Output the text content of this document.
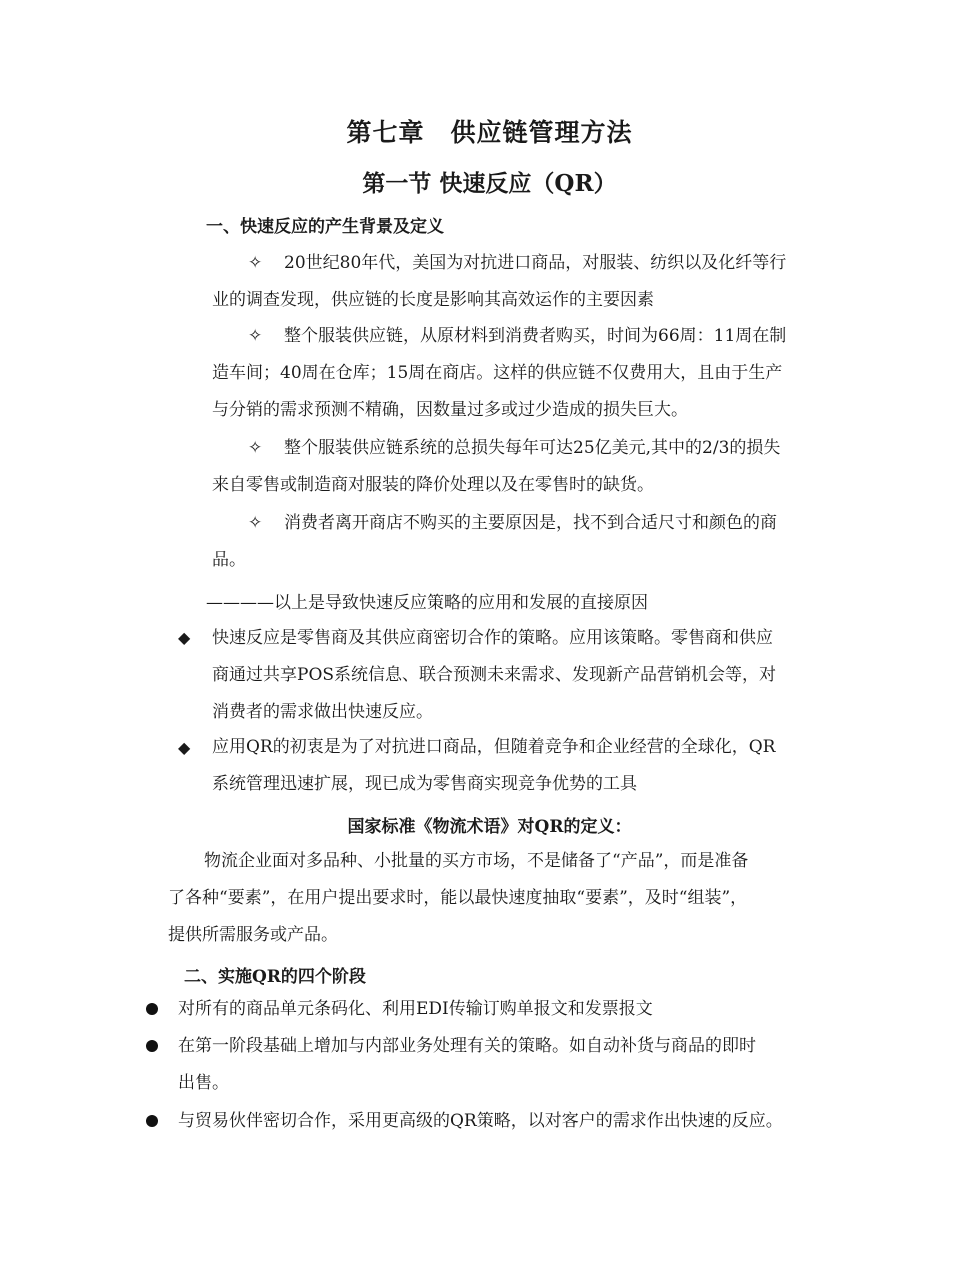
第七章　供应链管理方法
第一节 快速反应（QR）
一、快速反应的产生背景及定义
✧ 20世纪80年代，美国为对抗进口商品，对服装、纺织以及化纤等行
业的调查发现，供应链的长度是影响其高效运作的主要因素
✧ 整个服装供应链，从原材料到消费者购买，时间为66周：11周在制
造车间；40周在仓库；15周在商店。这样的供应链不仅费用大，且由于生产
与分销的需求预测不精确，因数量过多或过少造成的损失巨大。
✧ 整个服装供应链系统的总损失每年可达25亿美元,其中的2/3的损失
来自零售或制造商对服装的降价处理以及在零售时的缺货。
✧ 消费者离开商店不购买的主要原因是，找不到合适尺寸和颜色的商
品。
————以上是导致快速反应策略的应用和发展的直接原因
◆ 快速反应是零售商及其供应商密切合作的策略。应用该策略。零售商和供应
商通过共享POS系统信息、联合预测未来需求、发现新产品营销机会等，对
消费者的需求做出快速反应。
◆ 应用QR的初衷是为了对抗进口商品，但随着竞争和企业经营的全球化，QR
系统管理迅速扩展，现已成为零售商实现竞争优势的工具
国家标准《物流术语》对QR的定义：
物流企业面对多品种、小批量的买方市场，不是储备了“产品”，而是准备
了各种“要素”，在用户提出要求时，能以最快速度抽取“要素”，及时“组装”，
提供所需服务或产品。
二、实施QR的四个阶段
对所有的商品单元条码化、利用EDI传输订购单报文和发票报文
在第一阶段基础上增加与内部业务处理有关的策略。如自动补货与商品的即时
出售。
与贸易伙伴密切合作，采用更高级的QR策略，以对客户的需求作出快速的反应。
